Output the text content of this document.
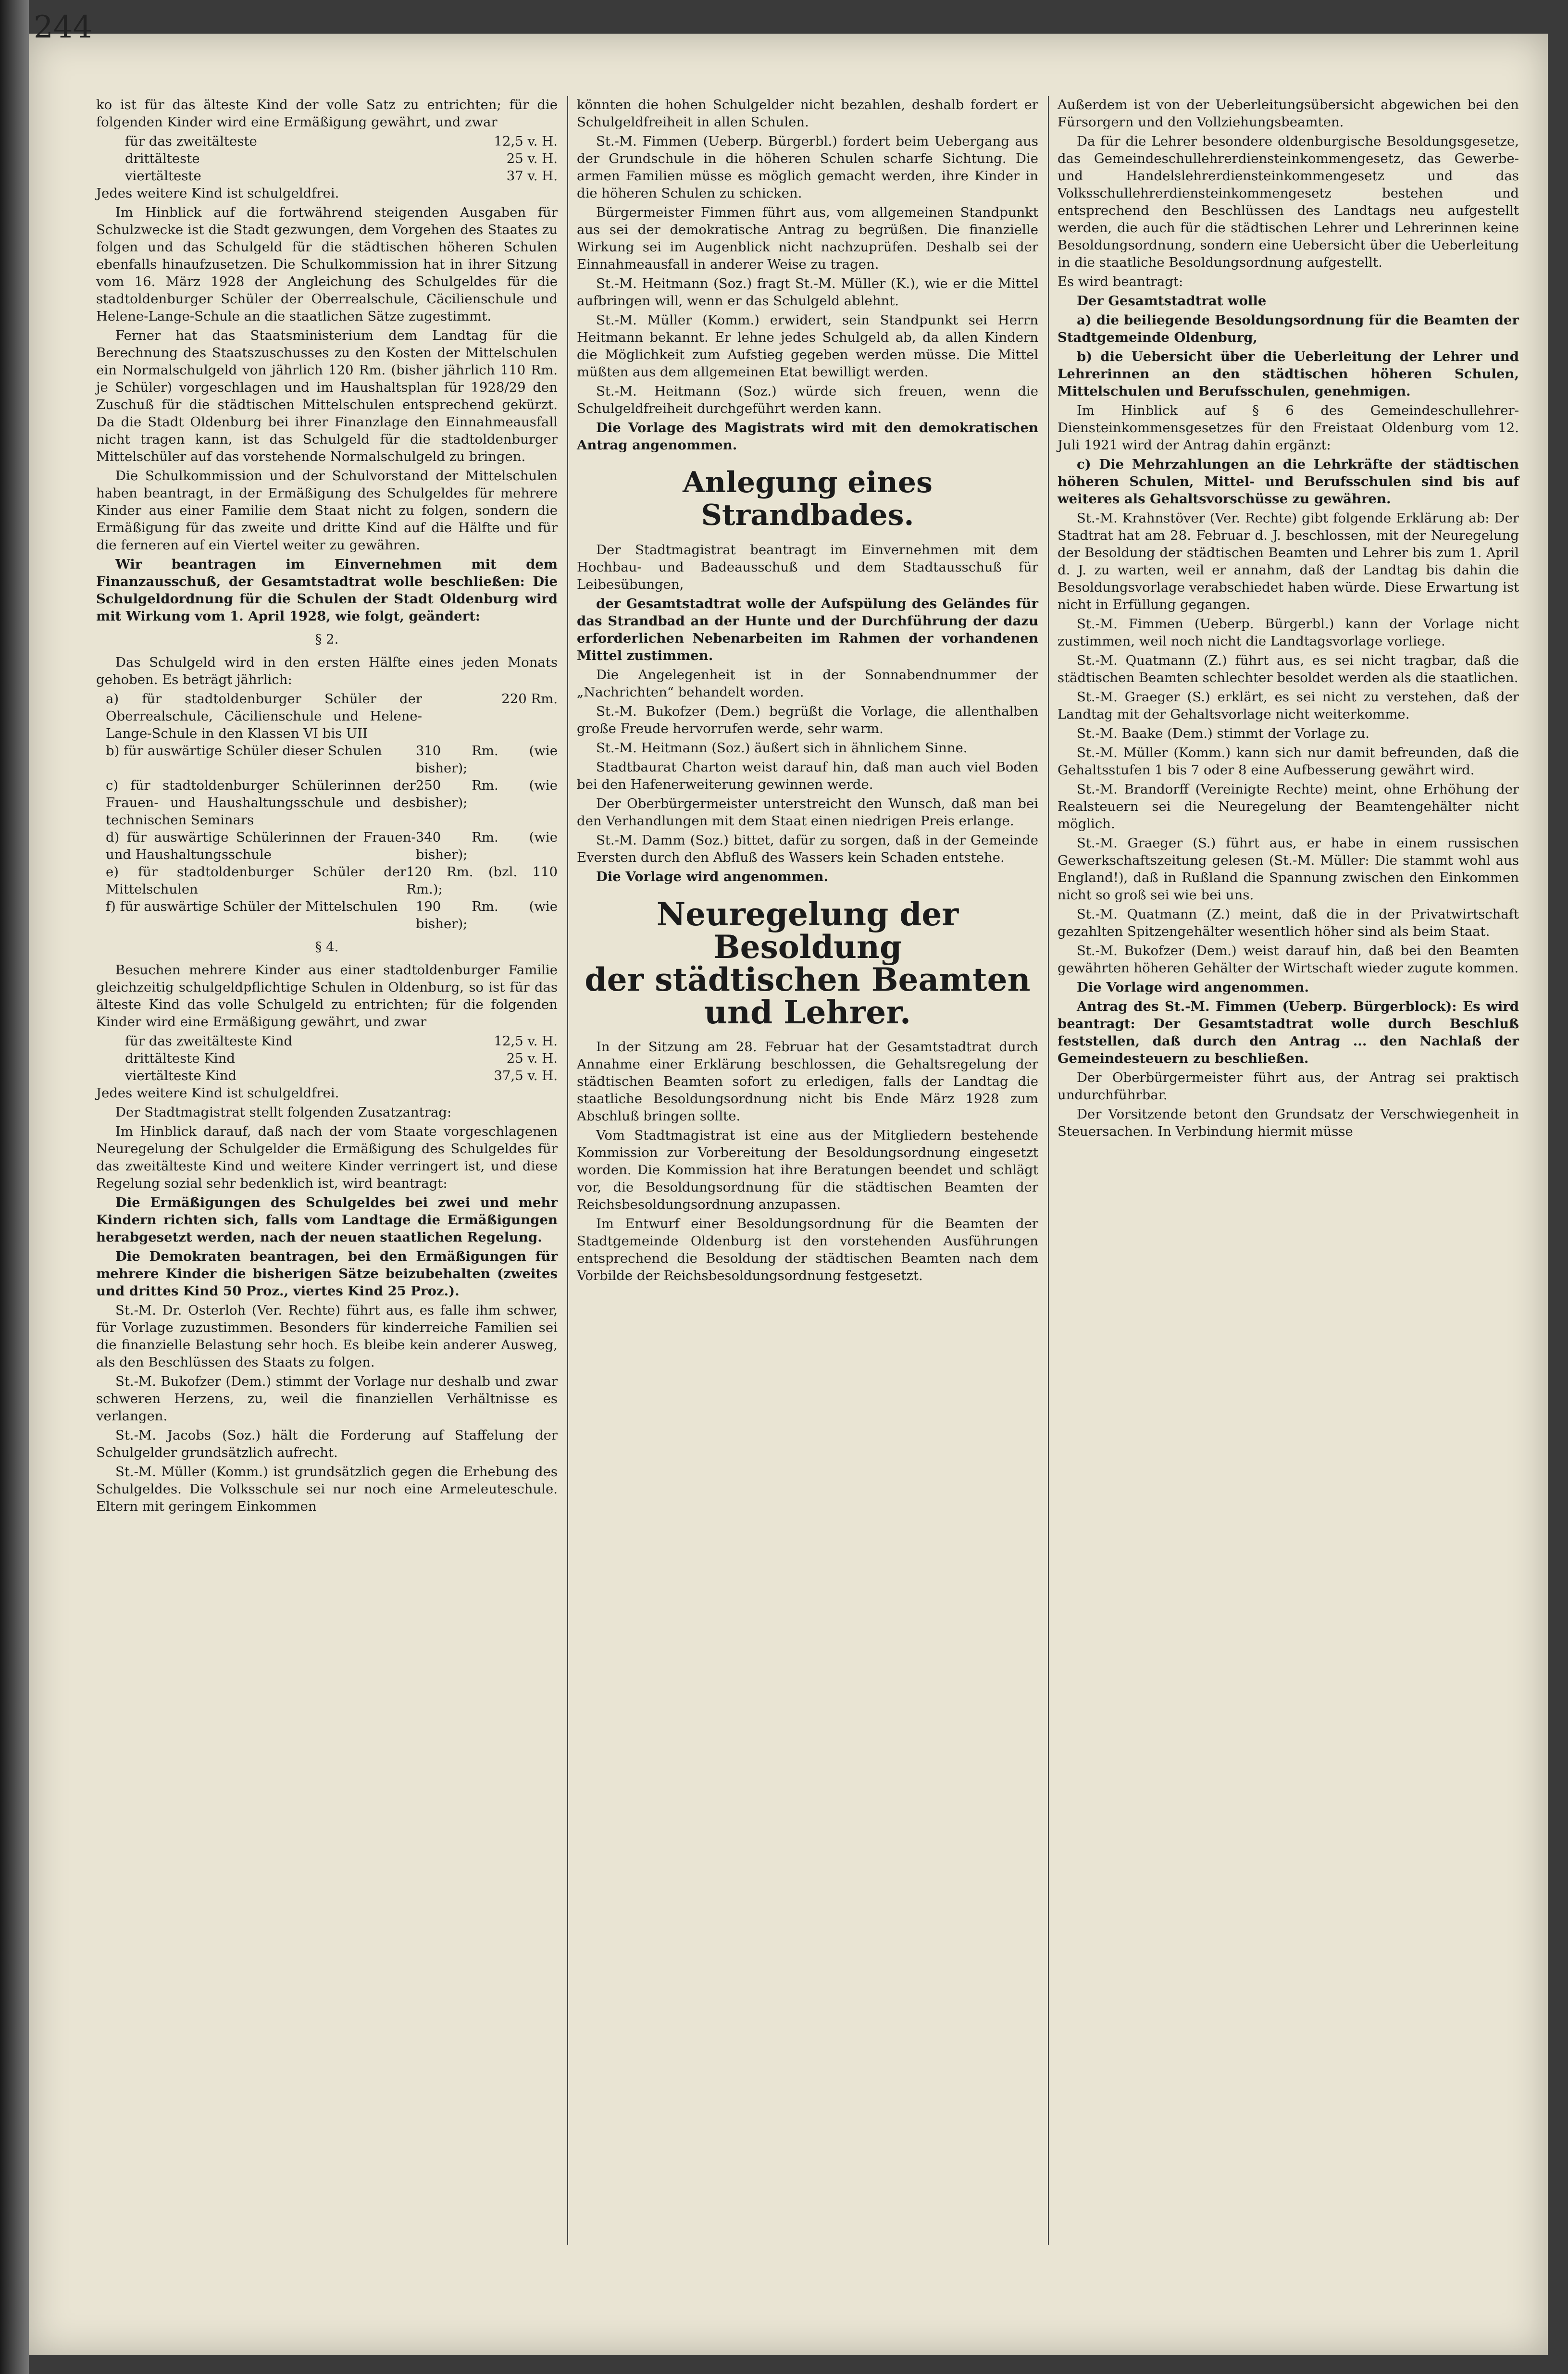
244

ko ist für das älteste Kind der volle Satz zu entrichten; für die folgenden Kinder wird eine Ermäßigung gewährt, und zwar

für das zweitälteste	12,5 v. H.
drittälteste	25 v. H.
viertälteste	37 v. H.

Jedes weitere Kind ist schulgeldfrei.

Im Hinblick auf die fortwährend steigenden Ausgaben für Schulzwecke ist die Stadt gezwungen, dem Vorgehen des Staates zu folgen und das Schulgeld für die städtischen höheren Schulen ebenfalls hinaufzusetzen. Die Schulkommission hat in ihrer Sitzung vom 16. März 1928 der Angleichung des Schulgeldes für die stadtoldenburger Schüler der Oberrealschule, Cäcilienschule und Helene-Lange-Schule an die staatlichen Sätze zugestimmt.

Ferner hat das Staatsministerium dem Landtag für die Berechnung des Staatszuschusses zu den Kosten der Mittelschulen ein Normalschulgeld von jährlich 120 Rm. (bisher jährlich 110 Rm. je Schüler) vorgeschlagen und im Haushaltsplan für 1928/29 den Zuschuß für die städtischen Mittelschulen entsprechend gekürzt. Da die Stadt Oldenburg bei ihrer Finanzlage den Einnahmeausfall nicht tragen kann, ist das Schulgeld für die stadtoldenburger Mittelschüler auf das vorstehende Normalschulgeld zu bringen.

Die Schulkommission und der Schulvorstand der Mittelschulen haben beantragt, in der Ermäßigung des Schulgeldes für mehrere Kinder aus einer Familie dem Staat nicht zu folgen, sondern die Ermäßigung für das zweite und dritte Kind auf die Hälfte und für die ferneren auf ein Viertel weiter zu gewähren.

Wir beantragen im Einvernehmen mit dem Finanzausschuß, der Gesamtstadtrat wolle beschließen: Die Schulgeldordnung für die Schulen der Stadt Oldenburg wird mit Wirkung vom 1. April 1928, wie folgt, geändert:

§ 2.

Das Schulgeld wird in den ersten Hälfte eines jeden Monats gehoben. Es beträgt jährlich:

a) für stadtoldenburger Schüler der Oberrealschule, Cäcilienschule und Helene-Lange-Schule in den Klassen VI bis UII
220 Rm.
b) für auswärtige Schüler dieser Schulen	310 Rm. (wie bisher);
c) für stadtoldenburger Schülerinnen der Frauen- und Haushaltungsschule und des technischen Seminars
250 Rm. (wie bisher);
d) für auswärtige Schülerinnen der Frauen- und Haushaltungsschule
340 Rm. (wie bisher);
e) für stadtoldenburger Schüler der Mittelschulen
120 Rm. (bzl. 110 Rm.);
f) für auswärtige Schüler der Mittelschulen	190 Rm. (wie bisher);

§ 4.

Besuchen mehrere Kinder aus einer stadtoldenburger Familie gleichzeitig schulgeldpflichtige Schulen in Oldenburg, so ist für das älteste Kind das volle Schulgeld zu entrichten; für die folgenden Kinder wird eine Ermäßigung gewährt, und zwar

für das zweitälteste Kind	12,5 v. H.
drittälteste Kind	25 v. H.
viertälteste Kind	37,5 v. H.

Jedes weitere Kind ist schulgeldfrei.

Der Stadtmagistrat stellt folgenden Zusatzantrag:

Im Hinblick darauf, daß nach der vom Staate vorgeschlagenen Neuregelung der Schulgelder die Ermäßigung des Schulgeldes für das zweitälteste Kind und weitere Kinder verringert ist, und diese Regelung sozial sehr bedenklich ist, wird beantragt:

Die Ermäßigungen des Schulgeldes bei zwei und mehr Kindern richten sich, falls vom Landtage die Ermäßigungen herabgesetzt werden, nach der neuen staatlichen Regelung.

Die Demokraten beantragen, bei den Ermäßigungen für mehrere Kinder die bisherigen Sätze beizubehalten (zweites und drittes Kind 50 Proz., viertes Kind 25 Proz.).

St.-M. Dr. Osterloh (Ver. Rechte) führt aus, es falle ihm schwer, für Vorlage zuzustimmen. Besonders für kinderreiche Familien sei die finanzielle Belastung sehr hoch. Es bleibe kein anderer Ausweg, als den Beschlüssen des Staats zu folgen.

St.-M. Bukofzer (Dem.) stimmt der Vorlage nur deshalb und zwar schweren Herzens, zu, weil die finanziellen Verhältnisse es verlangen.

St.-M. Jacobs (Soz.) hält die Forderung auf Staffelung der Schulgelder grundsätzlich aufrecht.

St.-M. Müller (Komm.) ist grundsätzlich gegen die Erhebung des Schulgeldes. Die Volksschule sei nur noch eine Armeleuteschule. Eltern mit geringem Einkommen

könnten die hohen Schulgelder nicht bezahlen, deshalb fordert er Schulgeldfreiheit in allen Schulen.

St.-M. Fimmen (Ueberp. Bürgerbl.) fordert beim Uebergang aus der Grundschule in die höheren Schulen scharfe Sichtung. Die armen Familien müsse es möglich gemacht werden, ihre Kinder in die höheren Schulen zu schicken.

Bürgermeister Fimmen führt aus, vom allgemeinen Standpunkt aus sei der demokratische Antrag zu begrüßen. Die finanzielle Wirkung sei im Augenblick nicht nachzuprüfen. Deshalb sei der Einnahmeausfall in anderer Weise zu tragen.

St.-M. Heitmann (Soz.) fragt St.-M. Müller (K.), wie er die Mittel aufbringen will, wenn er das Schulgeld ablehnt.

St.-M. Müller (Komm.) erwidert, sein Standpunkt sei Herrn Heitmann bekannt. Er lehne jedes Schulgeld ab, da allen Kindern die Möglichkeit zum Aufstieg gegeben werden müsse. Die Mittel müßten aus dem allgemeinen Etat bewilligt werden.

St.-M. Heitmann (Soz.) würde sich freuen, wenn die Schulgeldfreiheit durchgeführt werden kann.

Die Vorlage des Magistrats wird mit den demokratischen Antrag angenommen.

Anlegung eines Strandbades.

Der Stadtmagistrat beantragt im Einvernehmen mit dem Hochbau- und Badeausschuß und dem Stadtausschuß für Leibesübungen,

der Gesamtstadtrat wolle der Aufspülung des Geländes für das Strandbad an der Hunte und der Durchführung der dazu erforderlichen Nebenarbeiten im Rahmen der vorhandenen Mittel zustimmen.

Die Angelegenheit ist in der Sonnabendnummer der „Nachrichten“ behandelt worden.

St.-M. Bukofzer (Dem.) begrüßt die Vorlage, die allenthalben große Freude hervorrufen werde, sehr warm.

St.-M. Heitmann (Soz.) äußert sich in ähnlichem Sinne.

Stadtbaurat Charton weist darauf hin, daß man auch viel Boden bei den Hafenerweiterung gewinnen werde.

Der Oberbürgermeister unterstreicht den Wunsch, daß man bei den Verhandlungen mit dem Staat einen niedrigen Preis erlange.

St.-M. Damm (Soz.) bittet, dafür zu sorgen, daß in der Gemeinde Eversten durch den Abfluß des Wassers kein Schaden entstehe.

Die Vorlage wird angenommen.

Neuregelung der Besoldung
der städtischen Beamten und Lehrer.

In der Sitzung am 28. Februar hat der Gesamtstadtrat durch Annahme einer Erklärung beschlossen, die Gehaltsregelung der städtischen Beamten sofort zu erledigen, falls der Landtag die staatliche Besoldungsordnung nicht bis Ende März 1928 zum Abschluß bringen sollte.

Vom Stadtmagistrat ist eine aus der Mitgliedern bestehende Kommission zur Vorbereitung der Besoldungsordnung eingesetzt worden. Die Kommission hat ihre Beratungen beendet und schlägt vor, die Besoldungsordnung für die städtischen Beamten der Reichsbesoldungsordnung anzupassen.

Im Entwurf einer Besoldungsordnung für die Beamten der Stadtgemeinde Oldenburg ist den vorstehenden Ausführungen entsprechend die Besoldung der städtischen Beamten nach dem Vorbilde der Reichsbesoldungsordnung festgesetzt.

Außerdem ist von der Ueberleitungsübersicht abgewichen bei den Fürsorgern und den Vollziehungsbeamten.

Da für die Lehrer besondere oldenburgische Besoldungsgesetze, das Gemeindeschullehrerdiensteinkommengesetz, das Gewerbe- und Handelslehrerdiensteinkommengesetz und das Volksschullehrerdiensteinkommengesetz bestehen und entsprechend den Beschlüssen des Landtags neu aufgestellt werden, die auch für die städtischen Lehrer und Lehrerinnen keine Besoldungsordnung, sondern eine Uebersicht über die Ueberleitung in die staatliche Besoldungsordnung aufgestellt.

Es wird beantragt:

Der Gesamtstadtrat wolle

a) die beiliegende Besoldungsordnung für die Beamten der Stadtgemeinde Oldenburg,

b) die Uebersicht über die Ueberleitung der Lehrer und Lehrerinnen an den städtischen höheren Schulen, Mittelschulen und Berufsschulen, genehmigen.

Im Hinblick auf § 6 des Gemeindeschullehrer-Diensteinkommensgesetzes für den Freistaat Oldenburg vom 12. Juli 1921 wird der Antrag dahin ergänzt:

c) Die Mehrzahlungen an die Lehrkräfte der städtischen höheren Schulen, Mittel- und Berufsschulen sind bis auf weiteres als Gehaltsvorschüsse zu gewähren.

St.-M. Krahnstöver (Ver. Rechte) gibt folgende Erklärung ab: Der Stadtrat hat am 28. Februar d. J. beschlossen, mit der Neuregelung der Besoldung der städtischen Beamten und Lehrer bis zum 1. April d. J. zu warten, weil er annahm, daß der Landtag bis dahin die Besoldungsvorlage verabschiedet haben würde. Diese Erwartung ist nicht in Erfüllung gegangen.

St.-M. Fimmen (Ueberp. Bürgerbl.) kann der Vorlage nicht zustimmen, weil noch nicht die Landtagsvorlage vorliege.

St.-M. Quatmann (Z.) führt aus, es sei nicht tragbar, daß die städtischen Beamten schlechter besoldet werden als die staatlichen.

St.-M. Graeger (S.) erklärt, es sei nicht zu verstehen, daß der Landtag mit der Gehaltsvorlage nicht weiterkomme.

St.-M. Baake (Dem.) stimmt der Vorlage zu.

St.-M. Müller (Komm.) kann sich nur damit befreunden, daß die Gehaltsstufen 1 bis 7 oder 8 eine Aufbesserung gewährt wird.

St.-M. Brandorff (Vereinigte Rechte) meint, ohne Erhöhung der Realsteuern sei die Neuregelung der Beamtengehälter nicht möglich.

St.-M. Graeger (S.) führt aus, er habe in einem russischen Gewerkschaftszeitung gelesen (St.-M. Müller: Die stammt wohl aus England!), daß in Rußland die Spannung zwischen den Einkommen nicht so groß sei wie bei uns.

St.-M. Quatmann (Z.) meint, daß die in der Privatwirtschaft gezahlten Spitzengehälter wesentlich höher sind als beim Staat.

St.-M. Bukofzer (Dem.) weist darauf hin, daß bei den Beamten gewährten höheren Gehälter der Wirtschaft wieder zugute kommen.

Die Vorlage wird angenommen.

Antrag des St.-M. Fimmen (Ueberp. Bürgerblock): Es wird beantragt: Der Gesamtstadtrat wolle durch Beschluß feststellen, daß durch den Antrag ... den Nachlaß der Gemeindesteuern zu beschließen.

Der Oberbürgermeister führt aus, der Antrag sei praktisch undurchführbar.

Der Vorsitzende betont den Grundsatz der Verschwiegenheit in Steuersachen. In Verbindung hiermit müsse
